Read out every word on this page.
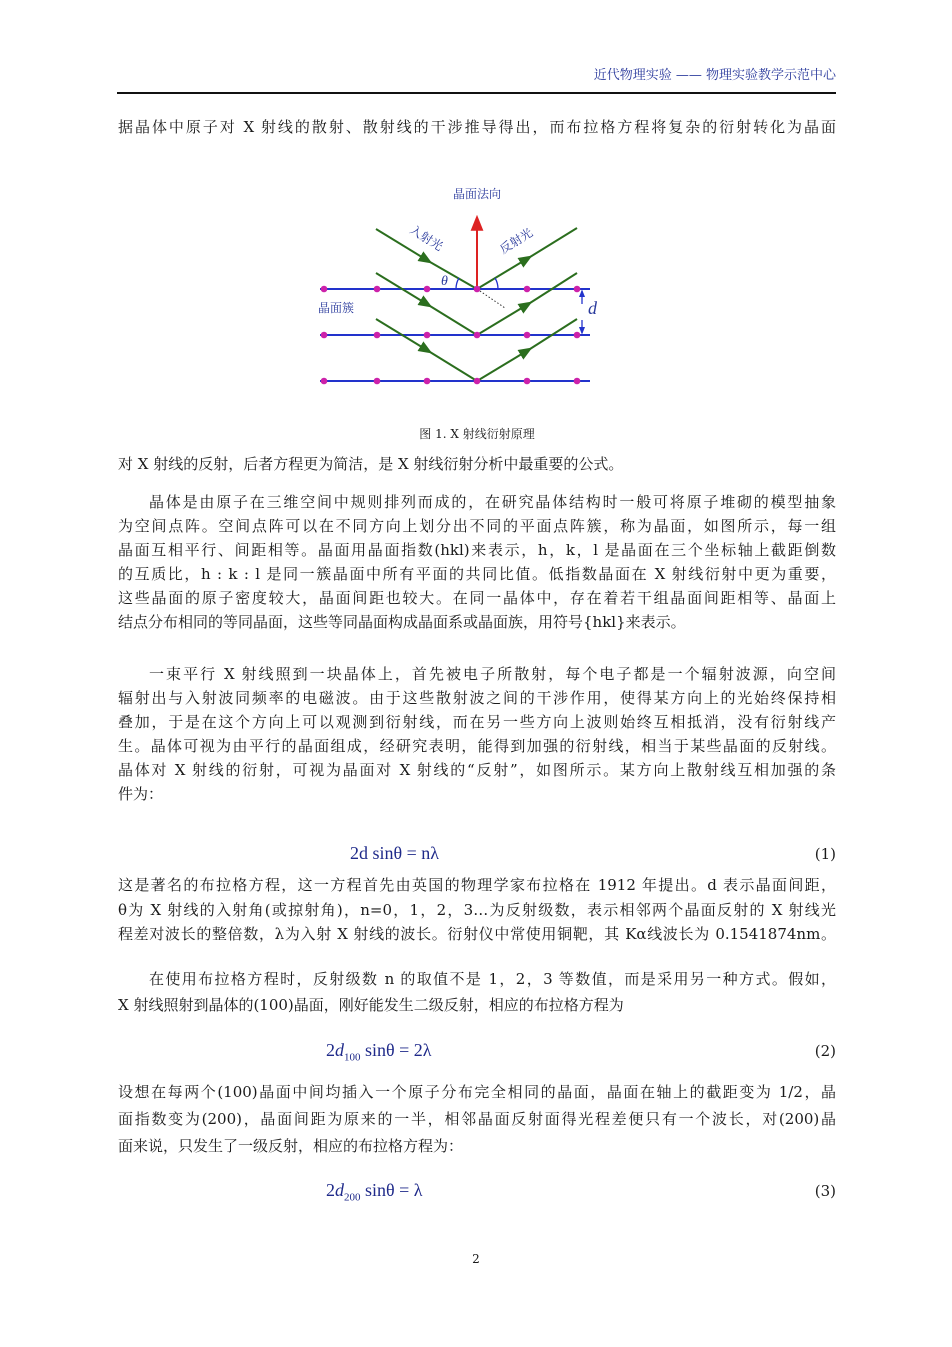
近代物理实验 —— 物理实验教学示范中心
据晶体中原子对 X 射线的散射、散射线的干涉推导得出，而布拉格方程将复杂的衍射转化为晶面
晶面法向
入射光	反射光
θ
晶面簇	d
图 1. X 射线衍射原理
对 X 射线的反射，后者方程更为简洁，是 X 射线衍射分析中最重要的公式。
晶体是由原子在三维空间中规则排列而成的，在研究晶体结构时一般可将原子堆砌的模型抽象
为空间点阵。空间点阵可以在不同方向上划分出不同的平面点阵簇，称为晶面，如图所示，每一组
晶面互相平行、间距相等。晶面用晶面指数(hkl)来表示，h，k，l 是晶面在三个坐标轴上截距倒数
的互质比，h : k : l 是同一簇晶面中所有平面的共同比值。低指数晶面在 X 射线衍射中更为重要，
这些晶面的原子密度较大，晶面间距也较大。在同一晶体中，存在着若干组晶面间距相等、晶面上
结点分布相同的等同晶面，这些等同晶面构成晶面系或晶面族，用符号{hkl}来表示。
一束平行 X 射线照到一块晶体上，首先被电子所散射，每个电子都是一个辐射波源，向空间
辐射出与入射波同频率的电磁波。由于这些散射波之间的干涉作用，使得某方向上的光始终保持相
叠加，于是在这个方向上可以观测到衍射线，而在另一些方向上波则始终互相抵消，没有衍射线产
生。晶体可视为由平行的晶面组成，经研究表明，能得到加强的衍射线，相当于某些晶面的反射线。
晶体对 X 射线的衍射，可视为晶面对 X 射线的“反射”，如图所示。某方向上散射线互相加强的条
件为：
2d sinθ = nλ	(1)
这是著名的布拉格方程，这一方程首先由英国的物理学家布拉格在 1912 年提出。d 表示晶面间距，
θ为 X 射线的入射角(或掠射角)，n=0，1，2，3…为反射级数，表示相邻两个晶面反射的 X 射线光
程差对波长的整倍数，λ为入射 X 射线的波长。衍射仪中常使用铜靶，其 Kα线波长为 0.1541874nm。
在使用布拉格方程时，反射级数 n 的取值不是 1，2，3 等数值，而是采用另一种方式。假如，
X 射线照射到晶体的(100)晶面，刚好能发生二级反射，相应的布拉格方程为
$2d_{100}$ sinθ = 2λ	(2)
设想在每两个(100)晶面中间均插入一个原子分布完全相同的晶面，晶面在轴上的截距变为 1/2，晶
面指数变为(200)，晶面间距为原来的一半，相邻晶面反射面得光程差便只有一个波长，对(200)晶
面来说，只发生了一级反射，相应的布拉格方程为：
$2d_{200}$ sinθ = λ	(3)
2
